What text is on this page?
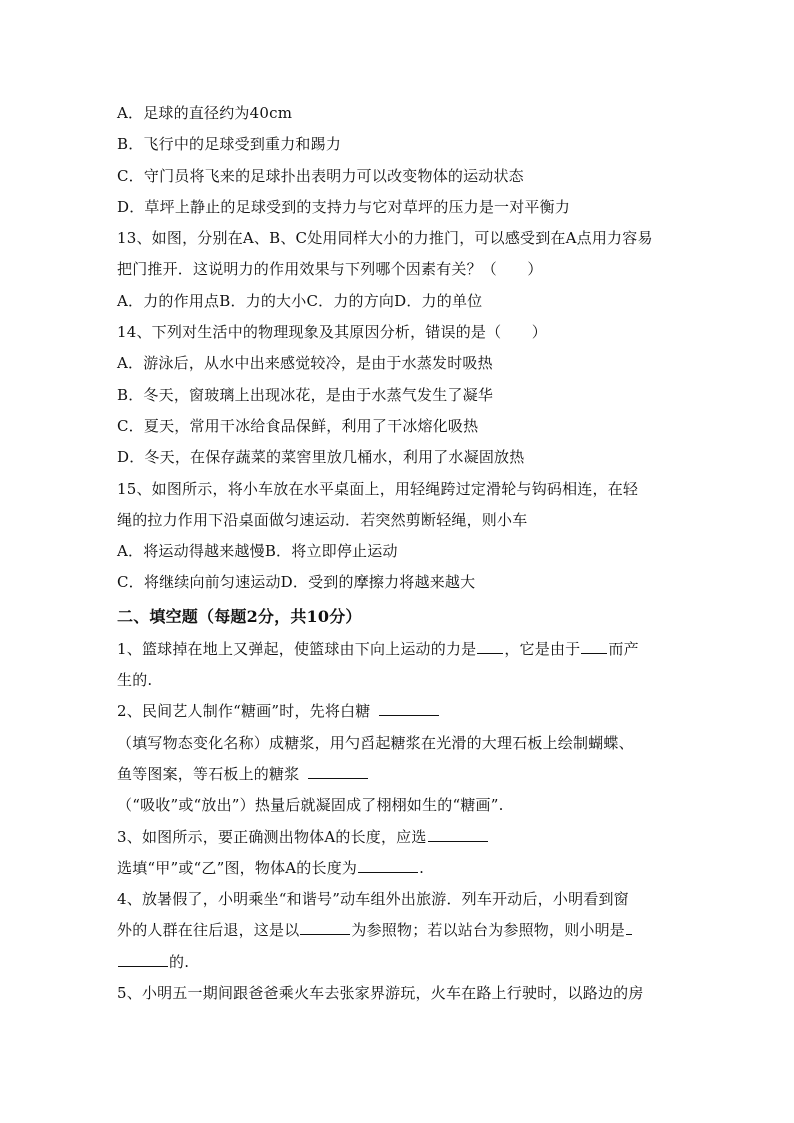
A．足球的直径约为40cm
B．飞行中的足球受到重力和踢力
C．守门员将飞来的足球扑出表明力可以改变物体的运动状态
D．草坪上静止的足球受到的支持力与它对草坪的压力是一对平衡力
13、如图，分别在A、B、C处用同样大小的力推门，可以感受到在A点用力容易
把门推开．这说明力的作用效果与下列哪个因素有关？（　　）
A．力的作用点B．力的大小C．力的方向D．力的单位
14、下列对生活中的物理现象及其原因分析，错误的是（　　）
A．游泳后，从水中出来感觉较冷，是由于水蒸发时吸热
B．冬天，窗玻璃上出现冰花，是由于水蒸气发生了凝华
C．夏天，常用干冰给食品保鲜，利用了干冰熔化吸热
D．冬天，在保存蔬菜的菜窖里放几桶水，利用了水凝固放热
15、如图所示，将小车放在水平桌面上，用轻绳跨过定滑轮与钩码相连，在轻
绳的拉力作用下沿桌面做匀速运动．若突然剪断轻绳，则小车
A．将运动得越来越慢B．将立即停止运动
C．将继续向前匀速运动D．受到的摩擦力将越来越大
二、填空题（每题2分，共10分）
1、篮球掉在地上又弹起，使篮球由下向上运动的力是 ，它是由于 而产
生的.
2、民间艺人制作“糖画”时，先将白糖
（填写物态变化名称）成糖浆，用勺舀起糖浆在光滑的大理石板上绘制蝴蝶、
鱼等图案，等石板上的糖浆
（“吸收”或“放出”）热量后就凝固成了栩栩如生的“糖画”.
3、如图所示，要正确测出物体A的长度，应选
选填“甲”或“乙”图，物体A的长度为	.
4、放暑假了，小明乘坐“和谐号”动车组外出旅游．列车开动后，小明看到窗
外的人群在往后退，这是以	为参照物；若以站台为参照物，则小明是
的.
5、小明五一期间跟爸爸乘火车去张家界游玩，火车在路上行驶时，以路边的房
